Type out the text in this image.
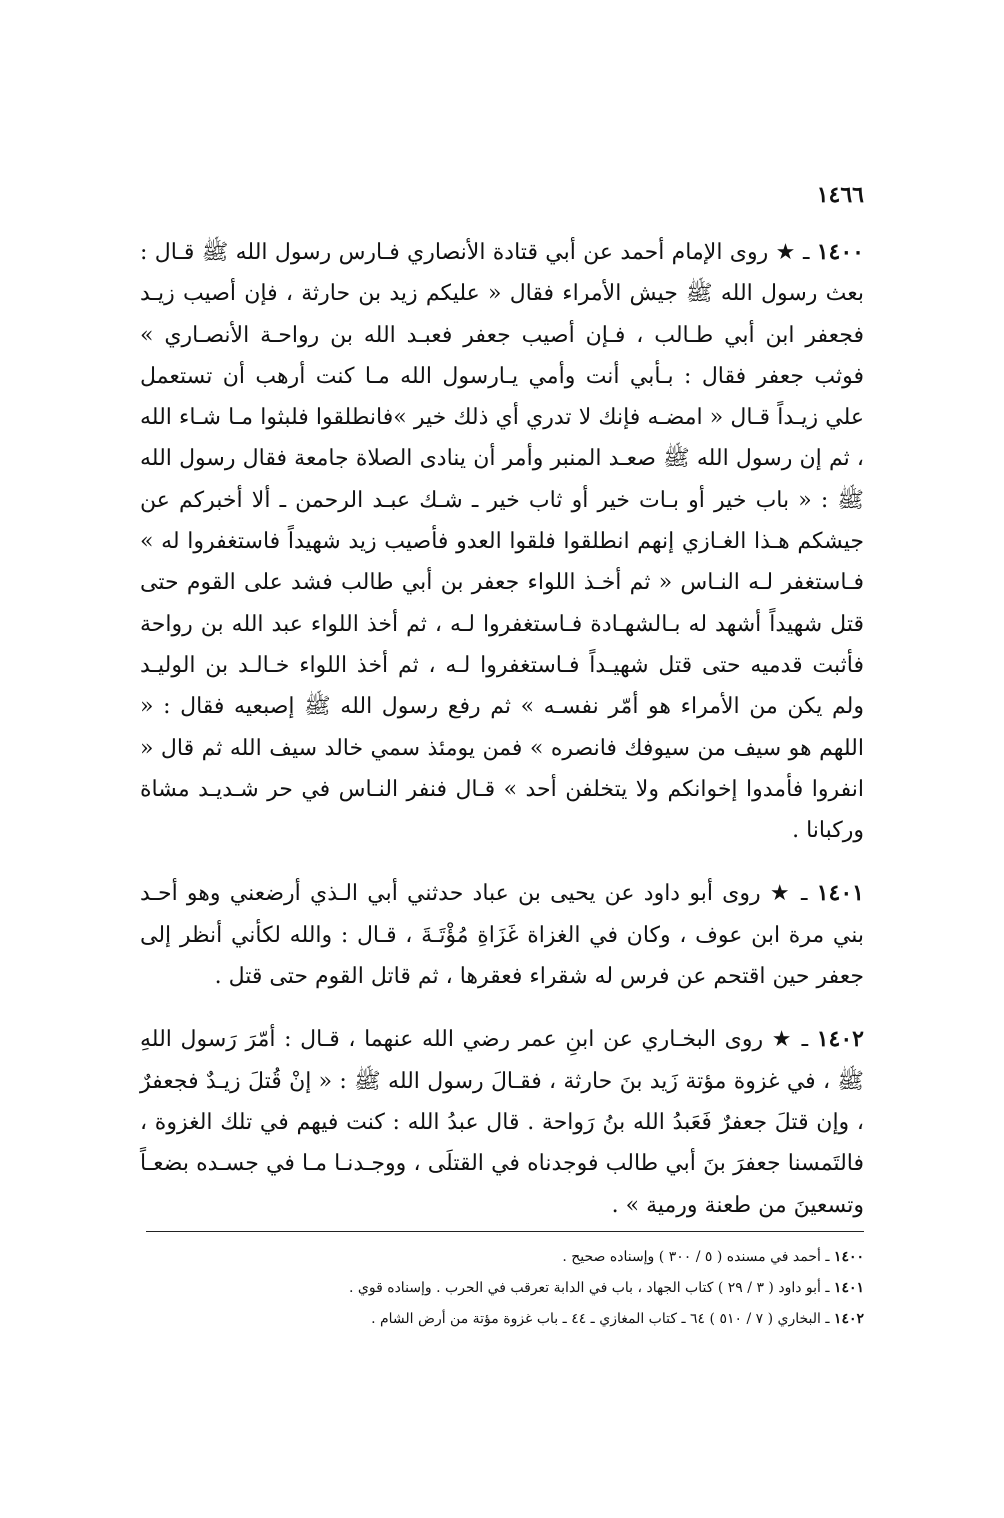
١٤٦٦

١٤٠٠ ـ ★ روى الإمام أحمد عن أبي قتادة الأنصاري فـارس رسول الله ﷺ قـال : بعث رسول الله ﷺ جيش الأمراء فقال « عليكم زيد بن حارثة ، فإن أصيب زيـد فجعفر ابن أبي طـالب ، فـإن أصيب جعفر فعبـد الله بن رواحـة الأنصـاري » فوثب جعفر فقال : بـأبي أنت وأمي يـارسول الله مـا كنت أرهب أن تستعمل علي زيـداً قـال « امضـه فإنك لا تدري أي ذلك خير »فانطلقوا فلبثوا مـا شـاء الله ، ثم إن رسول الله ﷺ صعـد المنبر وأمر أن ينادى الصلاة جامعة فقال رسول الله ﷺ : « باب خير أو بـات خير أو ثاب خير ـ شـك عبـد الرحمن ـ ألا أخبركم عن جيشكم هـذا الغـازي إنهم انطلقوا فلقوا العدو فأصيب زيد شهيداً فاستغفروا له » فـاستغفر لـه النـاس « ثم أخـذ اللواء جعفر بن أبي طالب فشد على القوم حتى قتل شهيداً أشهد له بـالشهـادة فـاستغفروا لـه ، ثم أخذ اللواء عبد الله بن رواحة فأثبت قدميه حتى قتل شهيـداً فـاستغفروا لـه ، ثم أخذ اللواء خـالـد بن الوليـد ولم يكن من الأمراء هو أمّر نفسـه » ثم رفع رسول الله ﷺ إصبعيه فقال : « اللهم هو سيف من سيوفك فانصره » فمن يومئذ سمي خالد سيف الله ثم قال « انفروا فأمدوا إخوانكم ولا يتخلفن أحد » قـال فنفر النـاس في حر شـديـد مشاة وركبانا .

١٤٠١ ـ ★ روى أبو داود عن يحيى بن عباد حدثني أبي الـذي أرضعني وهو أحـد بني مرة ابن عوف ، وكان في الغزاة غَزَاةِ مُؤْتَـةَ ، قـال : والله لكأني أنظر إلى جعفر حين اقتحم عن فرس له شقراء فعقرها ، ثم قاتل القوم حتى قتل .

١٤٠٢ ـ ★ روى البخـاري عن ابنِ عمر رضي الله عنهما ، قـال : أمّرَ رَسول اللهِ ﷺ ، في غزوة مؤتة زَيد بنَ حارثة ، فقـالَ رسول الله ﷺ : « إنْ قُتلَ زيـدٌ فجعفرٌ ، وإن قتلَ جعفرٌ فَعَبدُ الله بنُ رَواحة . قال عبدُ الله : كنت فيهم في تلك الغزوة ، فالتَمسنا جعفرَ بنَ أبي طالب فوجدناه في القتلَى ، ووجـدنـا مـا في جسـده بضعـاً وتسعينَ من طعنة ورمية » .

١٤٠٠ ـ أحمد في مسنده ( ٥ / ٣٠٠ ) وإسناده صحيح .

١٤٠١ ـ أبو داود ( ٣ / ٢٩ ) كتاب الجهاد ، باب في الدابة تعرقب في الحرب . وإسناده قوي .

١٤٠٢ ـ البخاري ( ٧ / ٥١٠ ) ٦٤ ـ كتاب المغازي ـ ٤٤ ـ باب غزوة مؤتة من أرض الشام .
